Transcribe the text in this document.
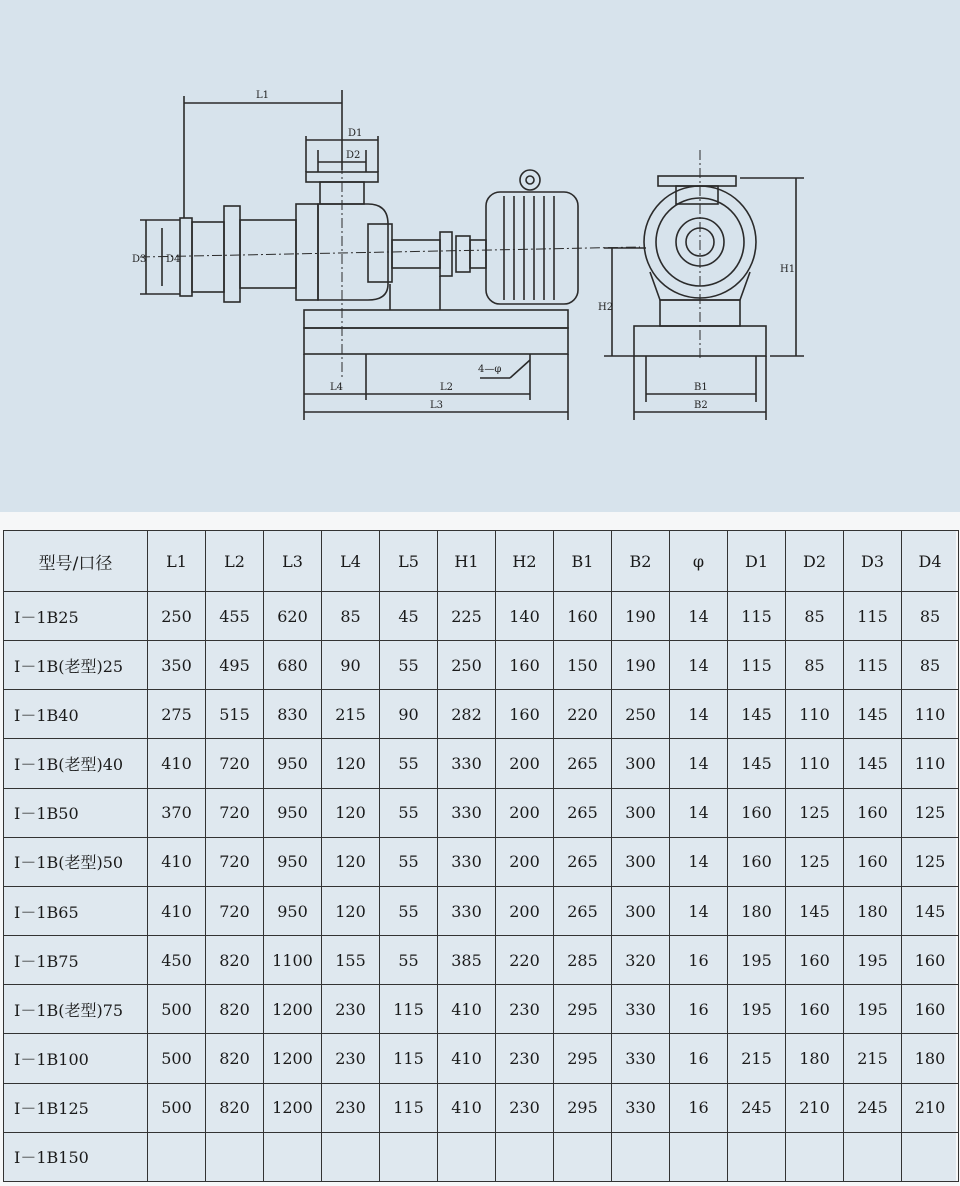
L1
D1
D2
D3 D4
H1
H2
B1
B2
L2
L3
L4
4—φ
型号/口径	L1	L2	L3	L4	L5	H1	H2	B1	B2	φ	D1	D2	D3	D4
I－1B25	250	455	620	85	45	225	140	160	190	14	115	85	115	85
I－1B(老型)25	350	495	680	90	55	250	160	150	190	14	115	85	115	85
I－1B40	275	515	830	215	90	282	160	220	250	14	145	110	145	110
I－1B(老型)40	410	720	950	120	55	330	200	265	300	14	145	110	145	110
I－1B50	370	720	950	120	55	330	200	265	300	14	160	125	160	125
I－1B(老型)50	410	720	950	120	55	330	200	265	300	14	160	125	160	125
I－1B65	410	720	950	120	55	330	200	265	300	14	180	145	180	145
I－1B75	450	820	1100	155	55	385	220	285	320	16	195	160	195	160
I－1B(老型)75	500	820	1200	230	115	410	230	295	330	16	195	160	195	160
I－1B100	500	820	1200	230	115	410	230	295	330	16	215	180	215	180
I－1B125	500	820	1200	230	115	410	230	295	330	16	245	210	245	210
I－1B150														
